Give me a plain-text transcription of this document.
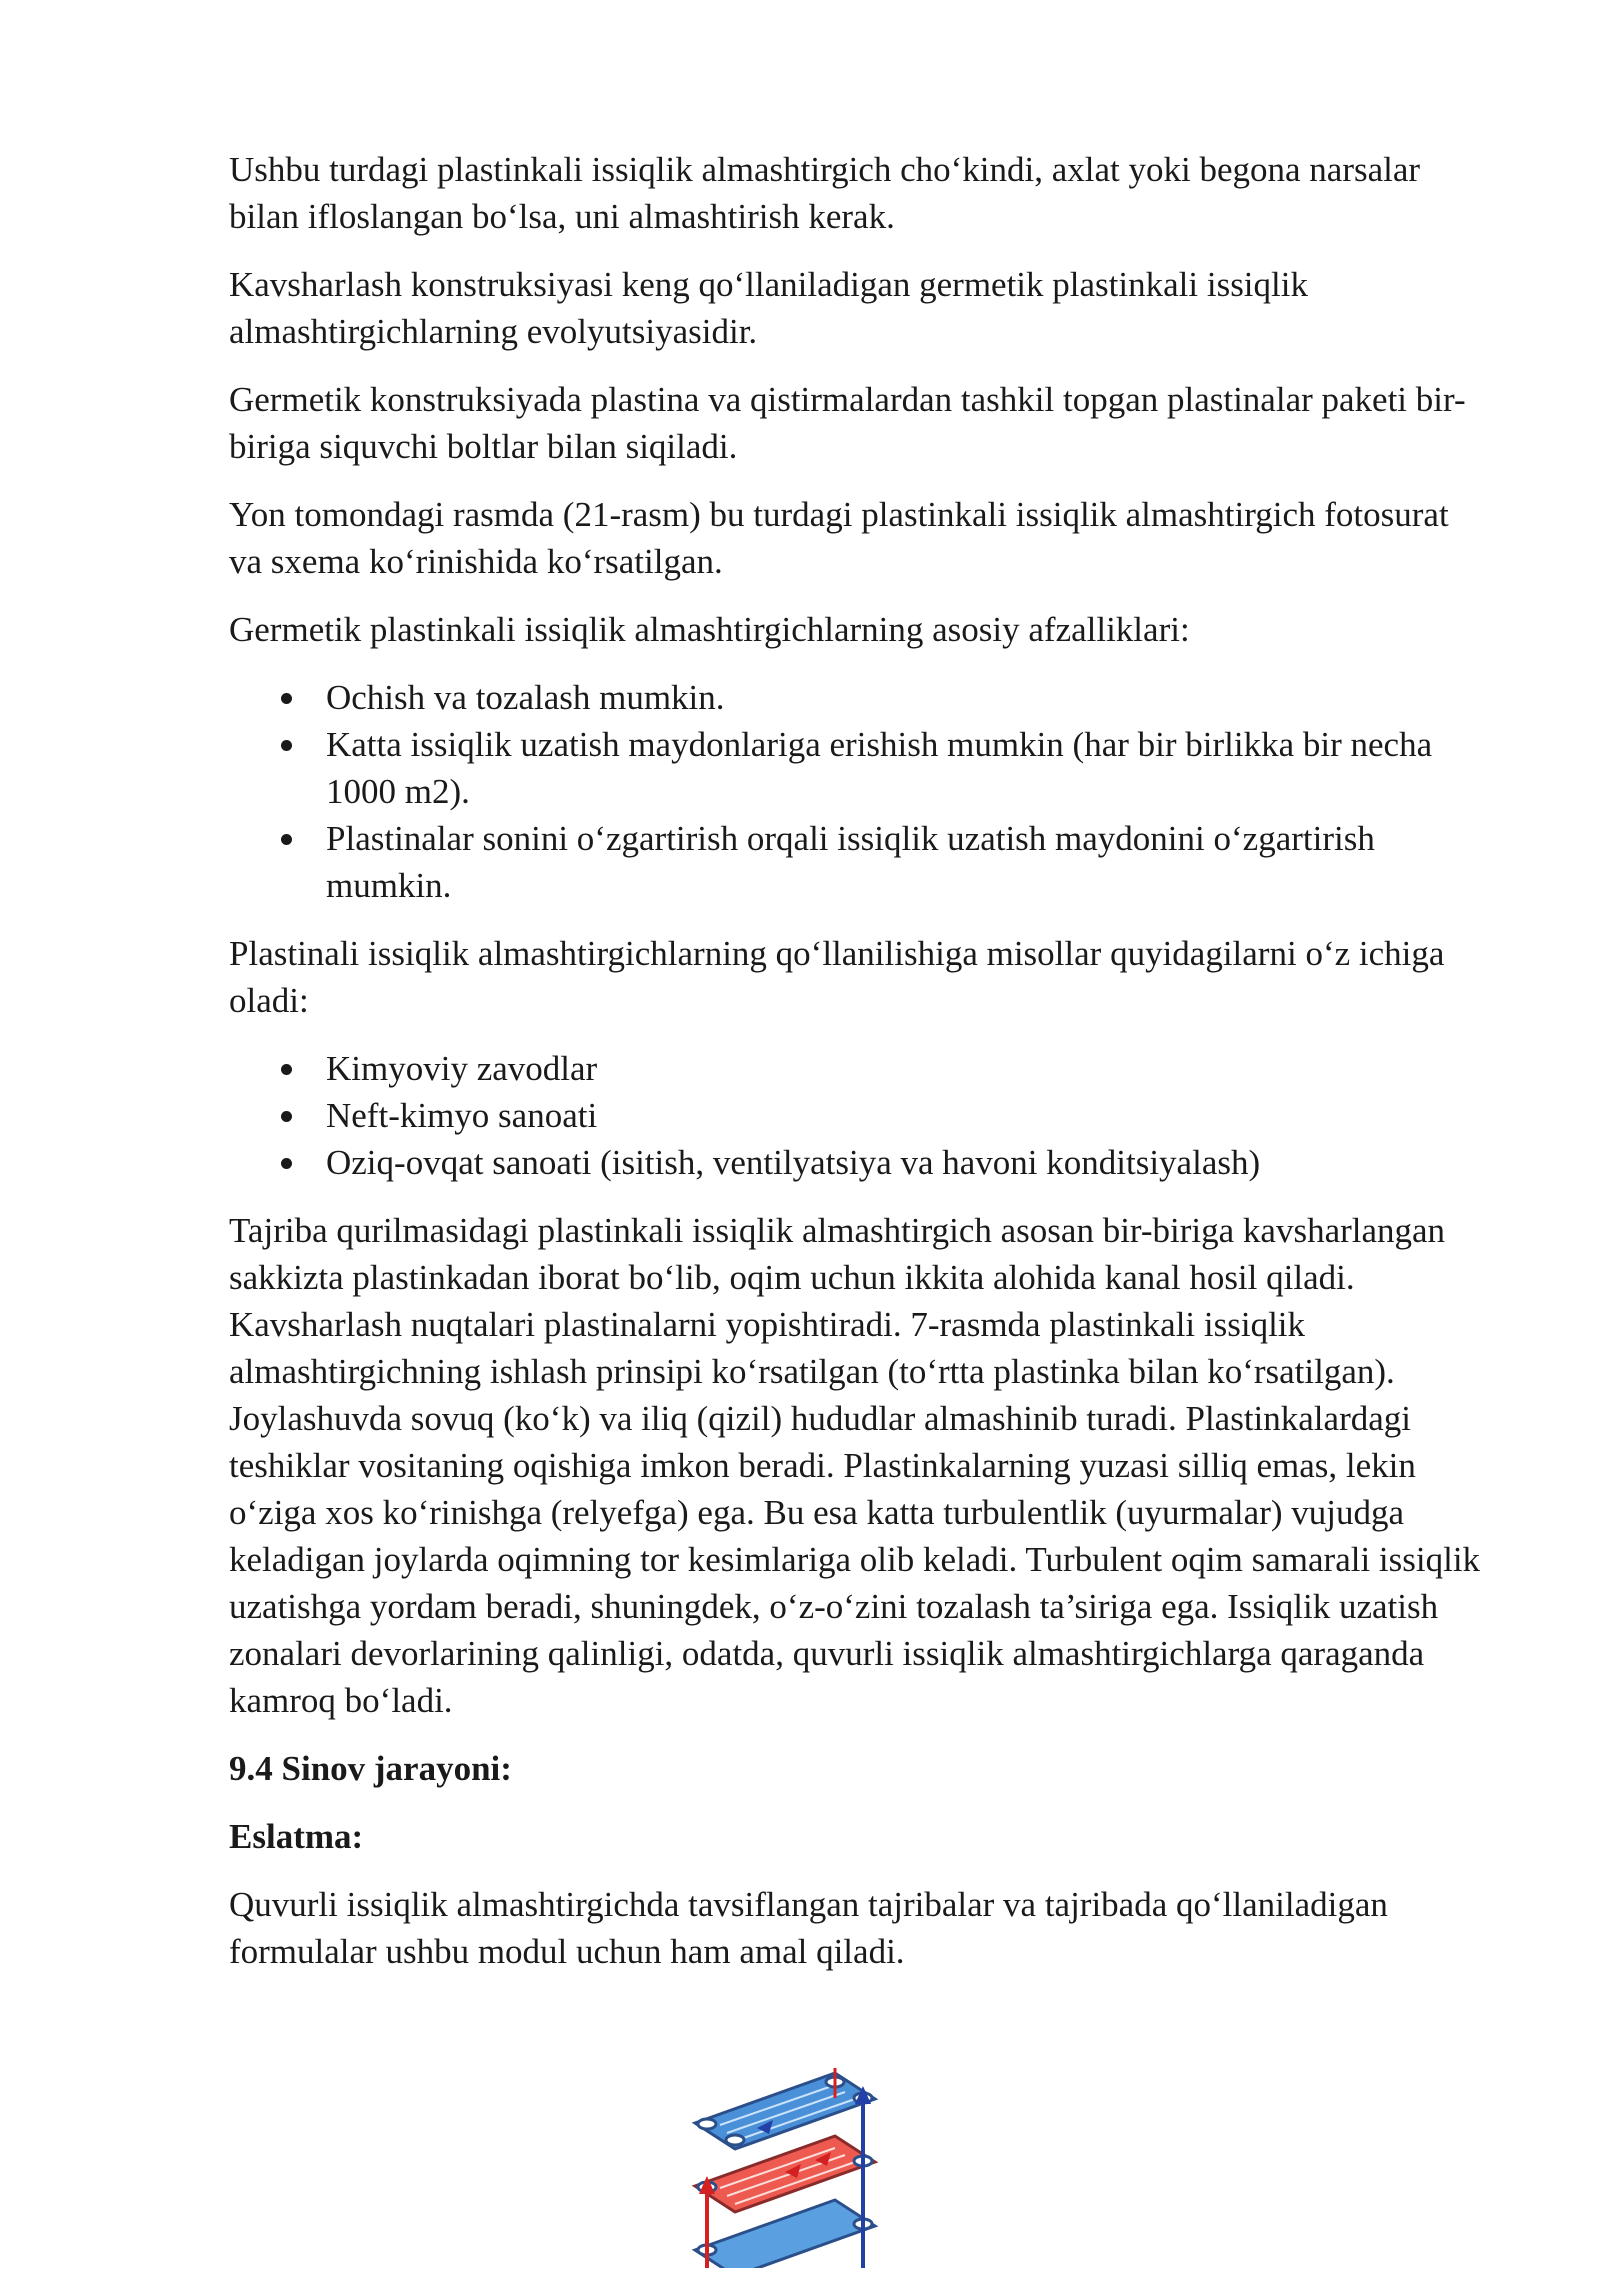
Ushbu turdagi plastinkali issiqlik almashtirgich cho‘kindi, axlat yoki begona narsalar bilan ifloslangan bo‘lsa, uni almashtirish kerak.

Kavsharlash konstruksiyasi keng qo‘llaniladigan germetik plastinkali issiqlik almashtirgichlarning evolyutsiyasidir.

Germetik konstruksiyada plastina va qistirmalardan tashkil topgan plastinalar paketi bir-biriga siquvchi boltlar bilan siqiladi.

Yon tomondagi rasmda (21-rasm) bu turdagi plastinkali issiqlik almashtirgich fotosurat va sxema ko‘rinishida ko‘rsatilgan.

Germetik plastinkali issiqlik almashtirgichlarning asosiy afzalliklari:

Ochish va tozalash mumkin.
Katta issiqlik uzatish maydonlariga erishish mumkin (har bir birlikka bir necha 1000 m2).
Plastinalar sonini o‘zgartirish orqali issiqlik uzatish maydonini o‘zgartirish mumkin.

Plastinali issiqlik almashtirgichlarning qo‘llanilishiga misollar quyidagilarni o‘z ichiga oladi:

Kimyoviy zavodlar
Neft-kimyo sanoati
Oziq-ovqat sanoati (isitish, ventilyatsiya va havoni konditsiyalash)

Tajriba qurilmasidagi plastinkali issiqlik almashtirgich asosan bir-biriga kavsharlangan sakkizta plastinkadan iborat bo‘lib, oqim uchun ikkita alohida kanal hosil qiladi. Kavsharlash nuqtalari plastinalarni yopishtiradi. 7-rasmda plastinkali issiqlik almashtirgichning ishlash prinsipi ko‘rsatilgan (to‘rtta plastinka bilan ko‘rsatilgan). Joylashuvda sovuq (ko‘k) va iliq (qizil) hududlar almashinib turadi. Plastinkalardagi teshiklar vositaning oqishiga imkon beradi. Plastinkalarning yuzasi silliq emas, lekin o‘ziga xos ko‘rinishga (relyefga) ega. Bu esa katta turbulentlik (uyurmalar) vujudga keladigan joylarda oqimning tor kesimlariga olib keladi. Turbulent oqim samarali issiqlik uzatishga yordam beradi, shuningdek, o‘z-o‘zini tozalash ta’siriga ega. Issiqlik uzatish zonalari devorlarining qalinligi, odatda, quvurli issiqlik almashtirgichlarga qaraganda kamroq bo‘ladi.

9.4 Sinov jarayoni:

Eslatma:

Quvurli issiqlik almashtirgichda tavsiflangan tajribalar va tajribada qo‘llaniladigan formulalar ushbu modul uchun ham amal qiladi.
